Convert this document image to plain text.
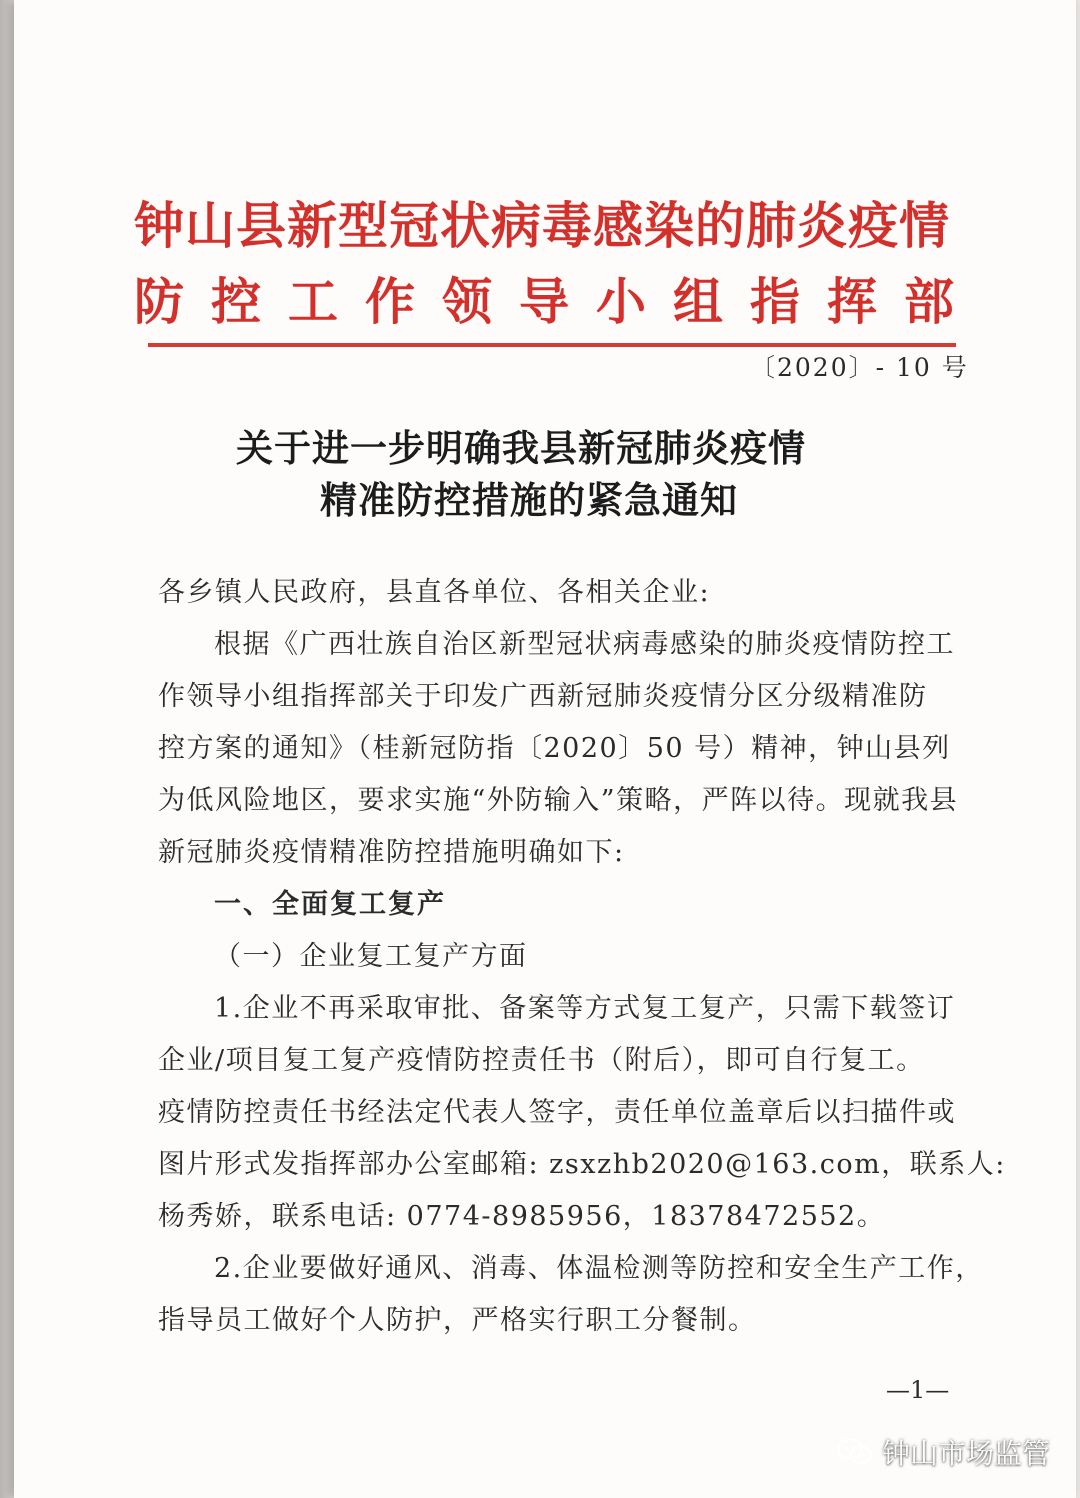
钟山县新型冠状病毒感染的肺炎疫情
防控工作领导小组指挥部
〔2020〕- 10 号
关于进一步明确我县新冠肺炎疫情
精准防控措施的紧急通知
各乡镇人民政府，县直各单位、各相关企业:
根据《广西壮族自治区新型冠状病毒感染的肺炎疫情防控工
作领导小组指挥部关于印发广西新冠肺炎疫情分区分级精准防
控方案的通知》（桂新冠防指〔2020〕50 号）精神，钟山县列
为低风险地区，要求实施“外防输入”策略，严阵以待。现就我县
新冠肺炎疫情精准防控措施明确如下:
一、全面复工复产
（一）企业复工复产方面
1.企业不再采取审批、备案等方式复工复产，只需下载签订
企业/项目复工复产疫情防控责任书（附后），即可自行复工。
疫情防控责任书经法定代表人签字，责任单位盖章后以扫描件或
图片形式发指挥部办公室邮箱: zsxzhb2020@163.com，联系人:
杨秀娇，联系电话: 0774-8985956，18378472552。
2.企业要做好通风、消毒、体温检测等防控和安全生产工作，
指导员工做好个人防护，严格实行职工分餐制。
—1—
钟山市场监管
